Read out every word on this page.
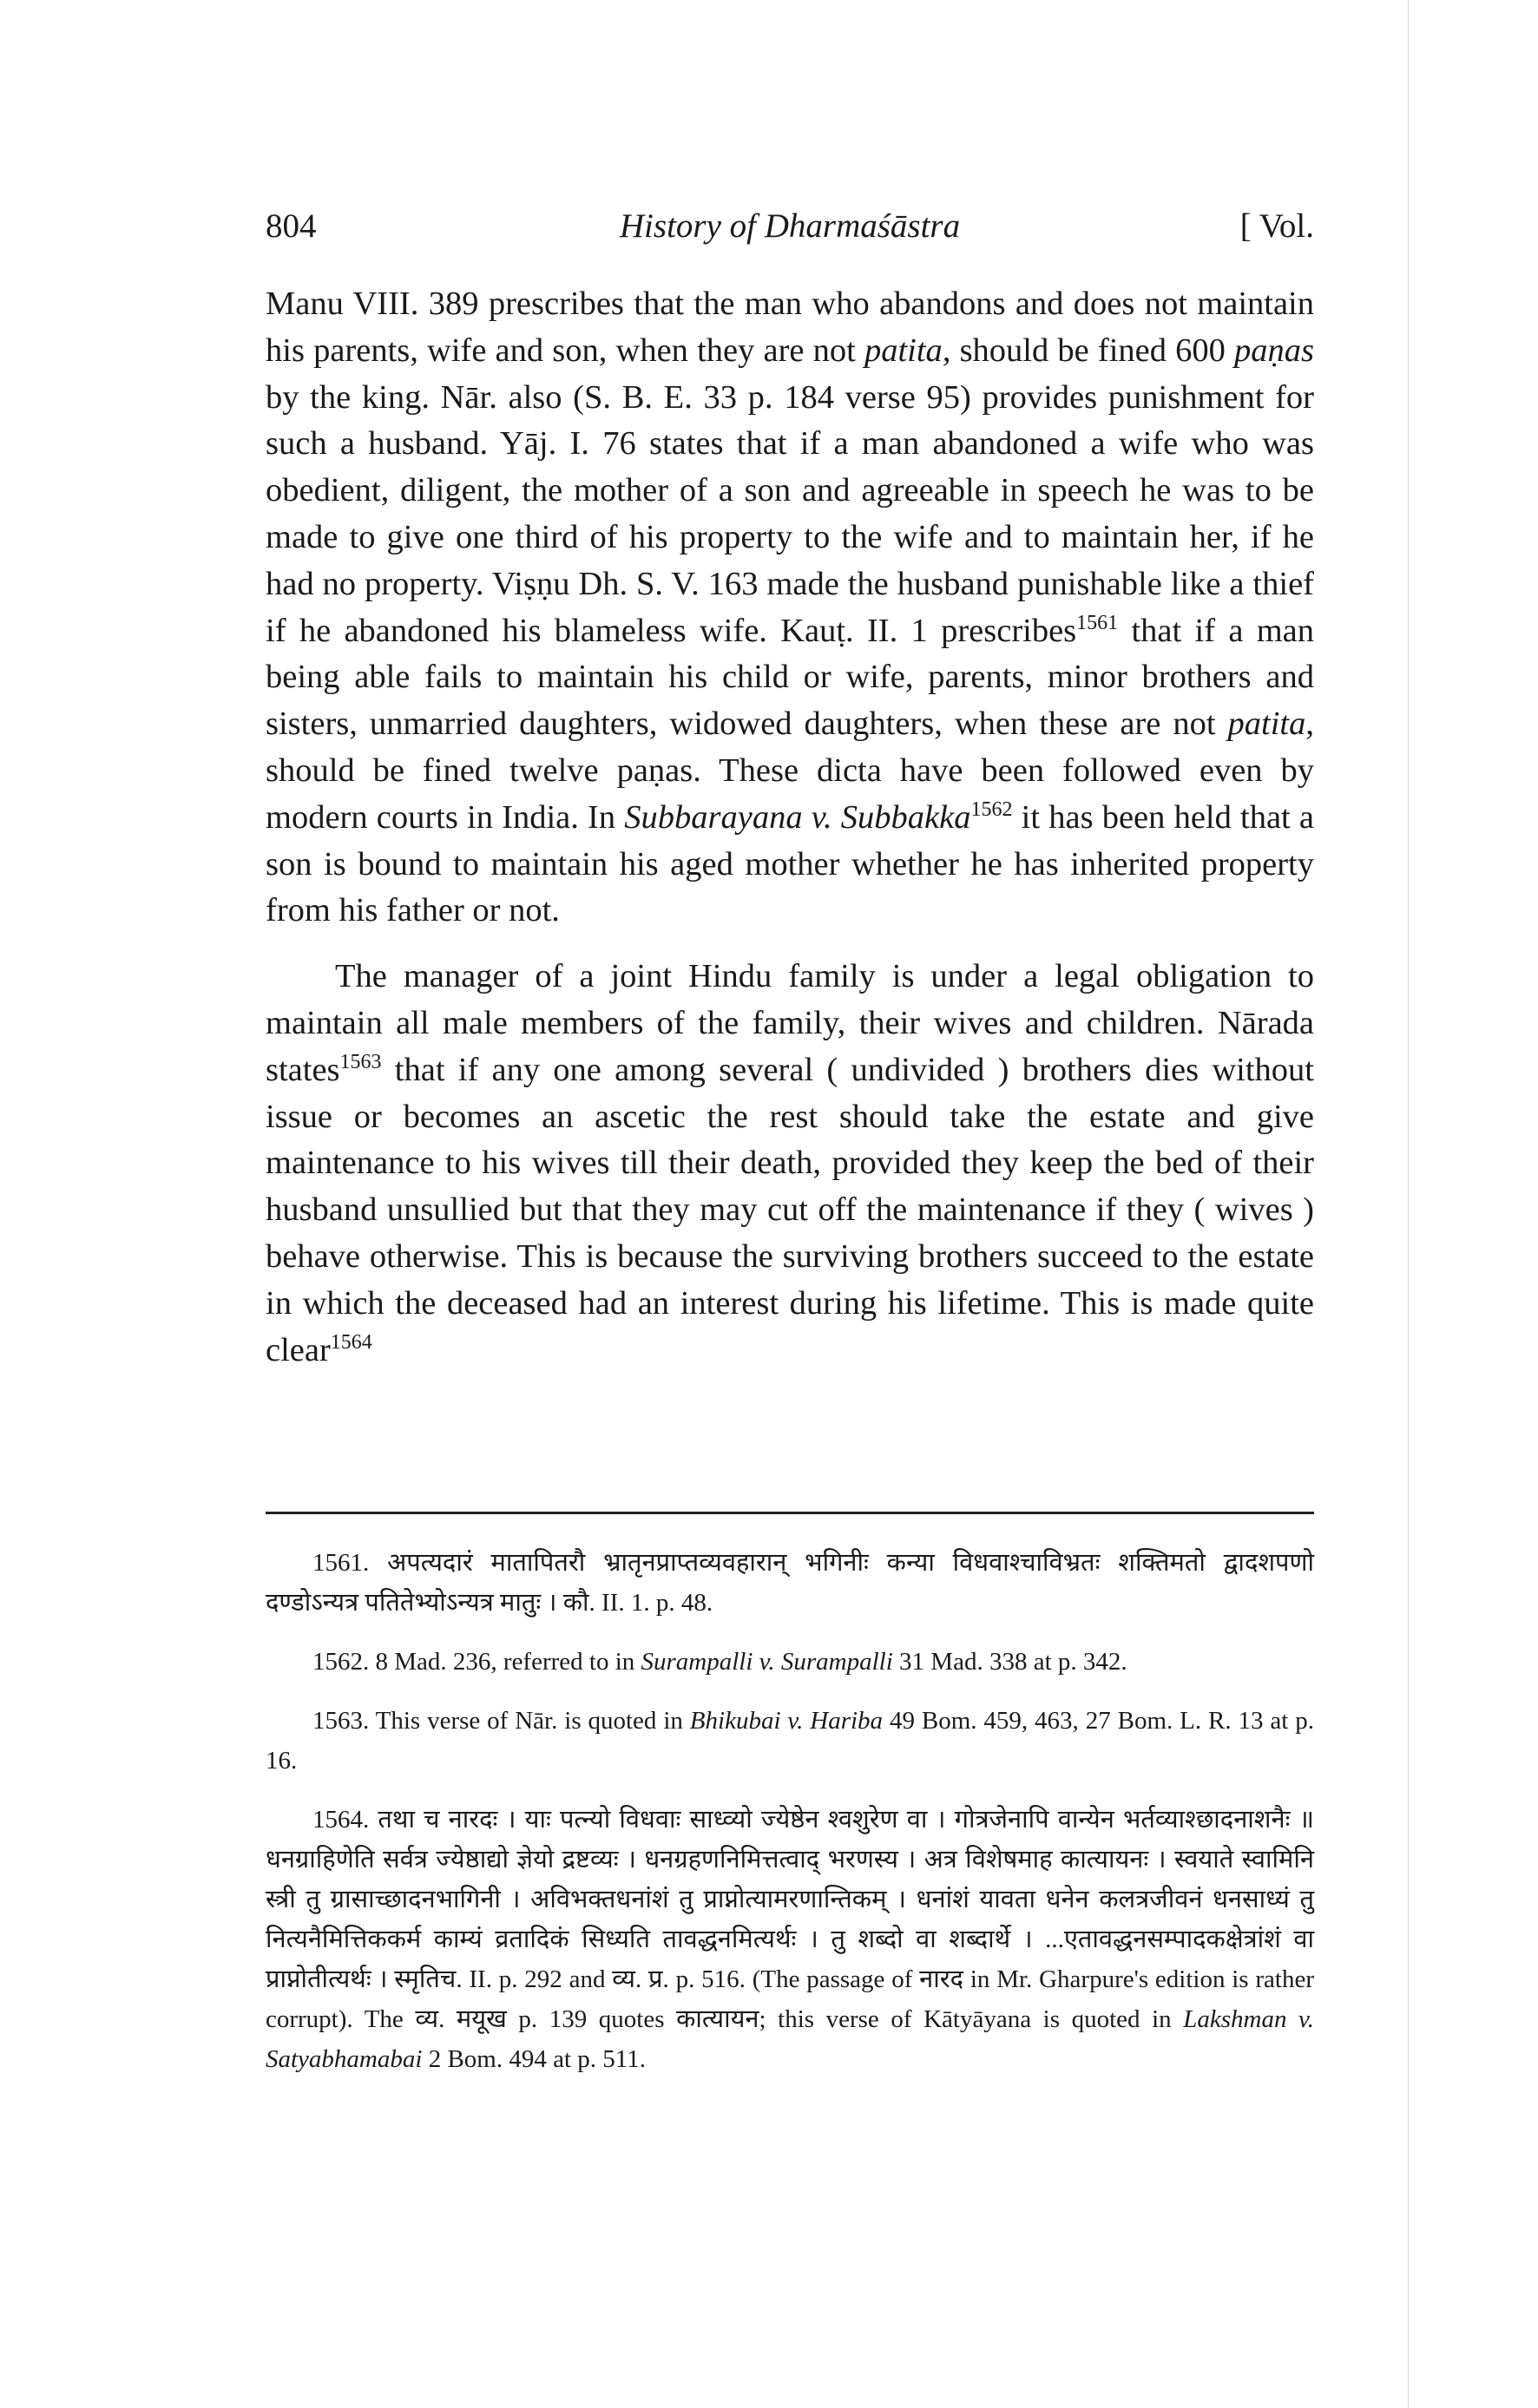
804	History of Dharmaśāstra	[ Vol.

Manu VIII. 389 prescribes that the man who abandons and does not maintain his parents, wife and son, when they are not patita, should be fined 600 paṇas by the king. Nār. also (S. B. E. 33 p. 184 verse 95) provides punishment for such a husband. Yāj. I. 76 states that if a man abandoned a wife who was obedient, diligent, the mother of a son and agreeable in speech he was to be made to give one third of his property to the wife and to maintain her, if he had no property. Viṣṇu Dh. S. V. 163 made the husband punishable like a thief if he abandoned his blameless wife. Kauṭ. II. 1 prescribes$^{1561}$ that if a man being able fails to maintain his child or wife, parents, minor brothers and sisters, unmarried daughters, widowed daughters, when these are not patita, should be fined twelve paṇas. These dicta have been followed even by modern courts in India. In Subbarayana v. Subbakka$^{1562}$ it has been held that a son is bound to maintain his aged mother whether he has inherited property from his father or not.

The manager of a joint Hindu family is under a legal obligation to maintain all male members of the family, their wives and children. Nārada states$^{1563}$ that if any one among several ( undivided ) brothers dies without issue or becomes an ascetic the rest should take the estate and give maintenance to his wives till their death, provided they keep the bed of their husband unsullied but that they may cut off the maintenance if they ( wives ) behave otherwise. This is because the surviving brothers succeed to the estate in which the deceased had an interest during his lifetime. This is made quite clear$^{1564}$

1561. अपत्यदारं मातापितरौ भ्रातृनप्राप्तव्यवहारान् भगिनीः कन्या विधवाश्चाविभ्रतः शक्तिमतो द्वादशपणो दण्डोऽन्यत्र पतितेभ्योऽन्यत्र मातुः । कौ. II. 1. p. 48.

1562. 8 Mad. 236, referred to in Surampalli v. Surampalli 31 Mad. 338 at p. 342.

1563. This verse of Nār. is quoted in Bhikubai v. Hariba 49 Bom. 459, 463, 27 Bom. L. R. 13 at p. 16.

1564. तथा च नारदः । याः पत्न्यो विधवाः साध्व्यो ज्येष्ठेन श्वशुरेण वा । गोत्रजेनापि वान्येन भर्तव्याश्छादनाशनैः ॥ धनग्राहिणेति सर्वत्र ज्येष्ठाद्यो ज्ञेयो द्रष्टव्यः । धनग्रहणनिमित्तत्वाद् भरणस्य । अत्र विशेषमाह कात्यायनः । स्वयाते स्वामिनि स्त्री तु ग्रासाच्छादनभागिनी । अविभक्तधनांशं तु प्राप्नोत्यामरणान्तिकम् । धनांशं यावता धनेन कलत्रजीवनं धनसाध्यं तु नित्यनैमित्तिककर्म काम्यं व्रतादिकं सिध्यति तावद्धनमित्यर्थः । तु शब्दो वा शब्दार्थे । ...एतावद्धनसम्पादकक्षेत्रांशं वा प्राप्नोतीत्यर्थः । स्मृतिच. II. p. 292 and व्य. प्र. p. 516. (The passage of नारद in Mr. Gharpure's edition is rather corrupt). The व्य. मयूख p. 139 quotes कात्यायन; this verse of Kātyāyana is quoted in Lakshman v. Satyabhamabai 2 Bom. 494 at p. 511.
